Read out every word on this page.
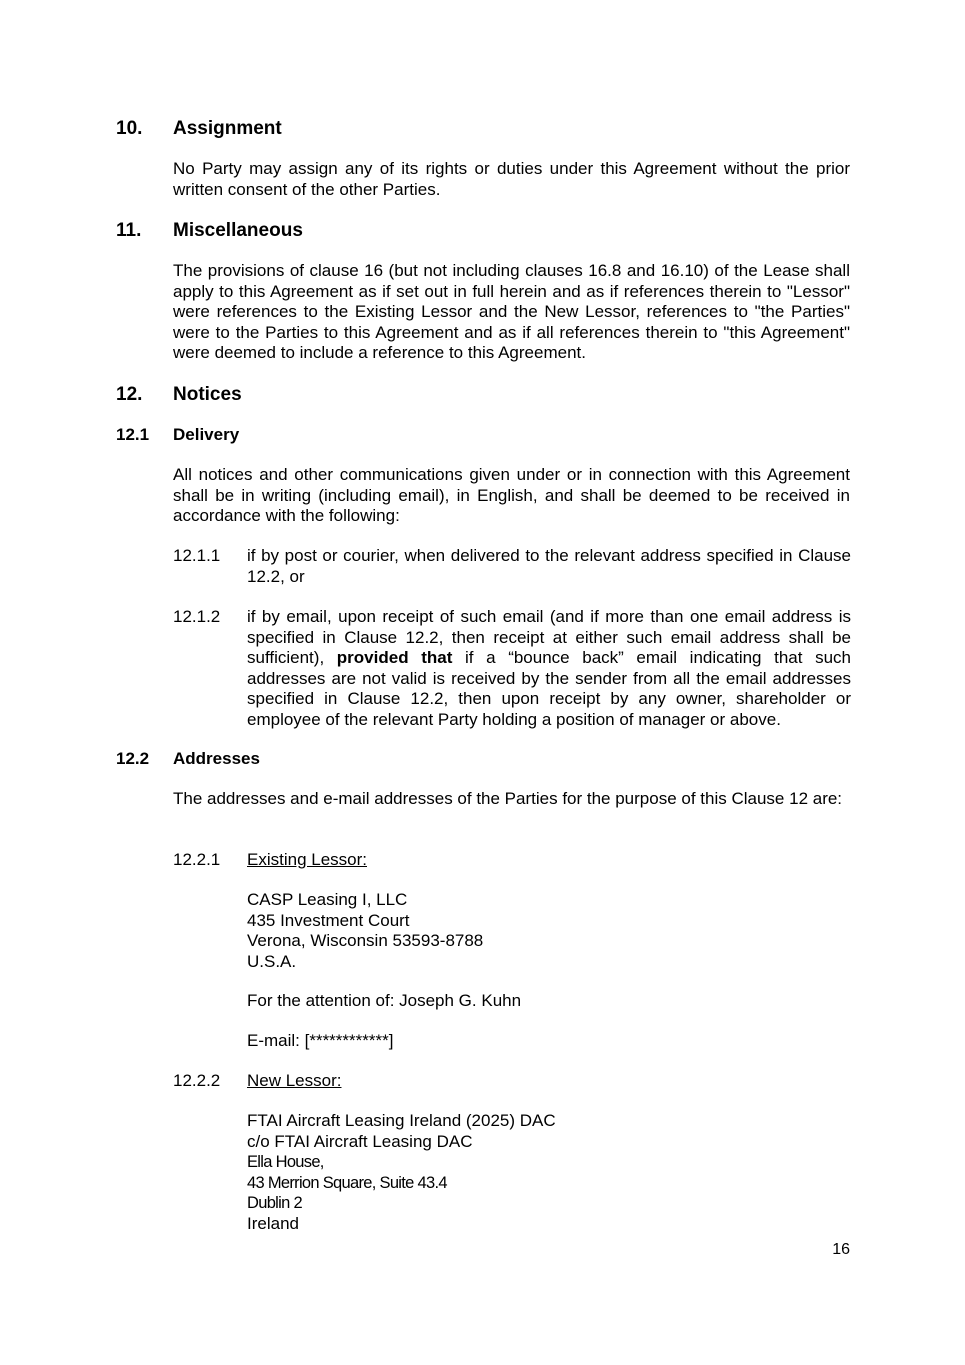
10. Assignment
No Party may assign any of its rights or duties under this Agreement without the prior written consent of the other Parties.
11. Miscellaneous
The provisions of clause 16 (but not including clauses 16.8 and 16.10) of the Lease shall apply to this Agreement as if set out in full herein and as if references therein to "Lessor" were references to the Existing Lessor and the New Lessor, references to "the Parties" were to the Parties to this Agreement and as if all references therein to "this Agreement" were deemed to include a reference to this Agreement.
12. Notices
12.1 Delivery
All notices and other communications given under or in connection with this Agreement shall be in writing (including email), in English, and shall be deemed to be received in accordance with the following:
12.1.1 if by post or courier, when delivered to the relevant address specified in Clause 12.2, or
12.1.2 if by email, upon receipt of such email (and if more than one email address is specified in Clause 12.2, then receipt at either such email address shall be sufficient), provided that if a “bounce back” email indicating that such addresses are not valid is received by the sender from all the email addresses specified in Clause 12.2, then upon receipt by any owner, shareholder or employee of the relevant Party holding a position of manager or above.
12.2 Addresses
The addresses and e-mail addresses of the Parties for the purpose of this Clause 12 are:
12.2.1 Existing Lessor:
CASP Leasing I, LLC
435 Investment Court
Verona, Wisconsin 53593-8788
U.S.A.
For the attention of: Joseph G. Kuhn
E-mail: [************]
12.2.2 New Lessor:
FTAI Aircraft Leasing Ireland (2025) DAC
c/o FTAI Aircraft Leasing DAC
Ella House,
43 Merrion Square, Suite 43.4
Dublin 2
Ireland
16
